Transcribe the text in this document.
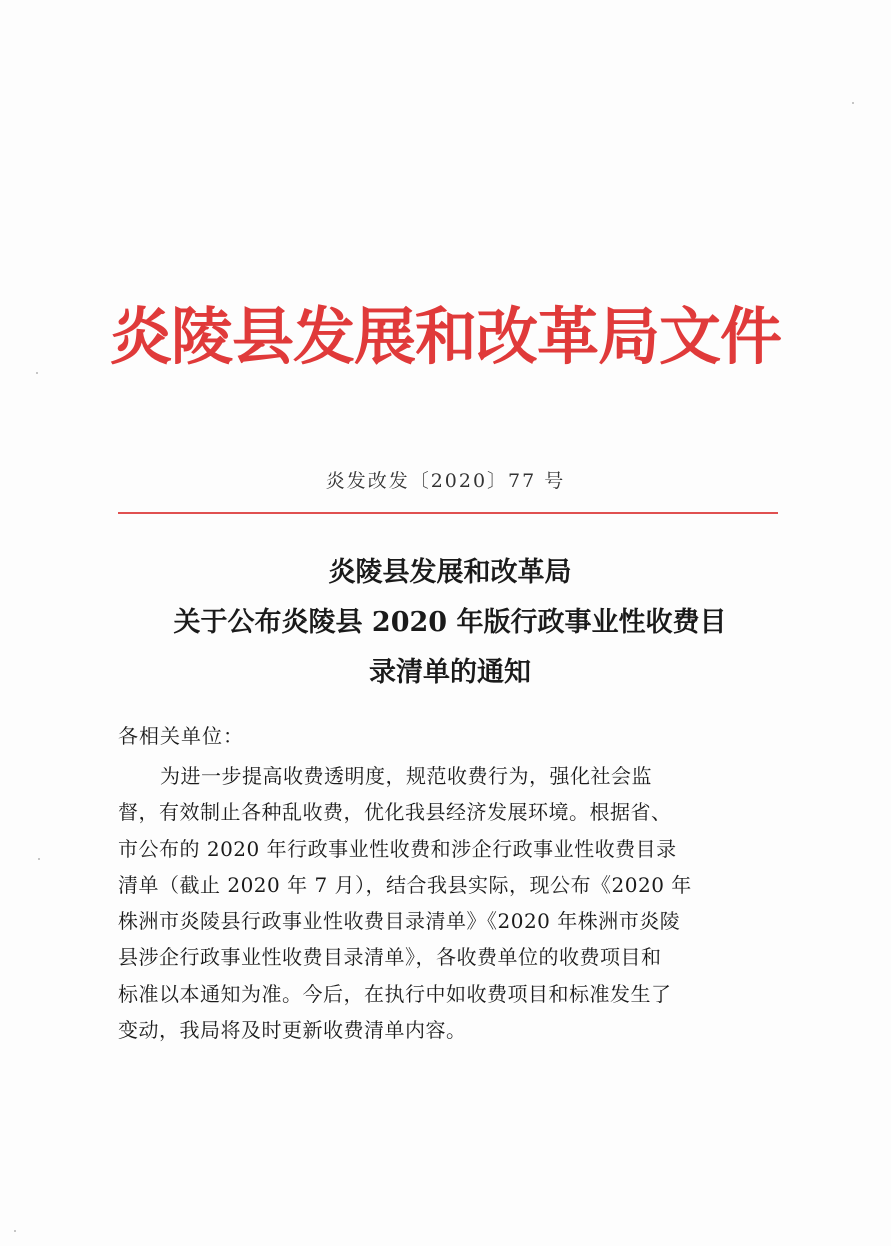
炎陵县发展和改革局文件
炎发改发〔2020〕77 号
炎陵县发展和改革局
关于公布炎陵县 2020 年版行政事业性收费目
录清单的通知
各相关单位：
为进一步提高收费透明度，规范收费行为，强化社会监
督，有效制止各种乱收费，优化我县经济发展环境。根据省、
市公布的 2020 年行政事业性收费和涉企行政事业性收费目录
清单（截止 2020 年 7 月），结合我县实际，现公布《2020 年
株洲市炎陵县行政事业性收费目录清单》《2020 年株洲市炎陵
县涉企行政事业性收费目录清单》，各收费单位的收费项目和
标准以本通知为准。今后，在执行中如收费项目和标准发生了
变动，我局将及时更新收费清单内容。
